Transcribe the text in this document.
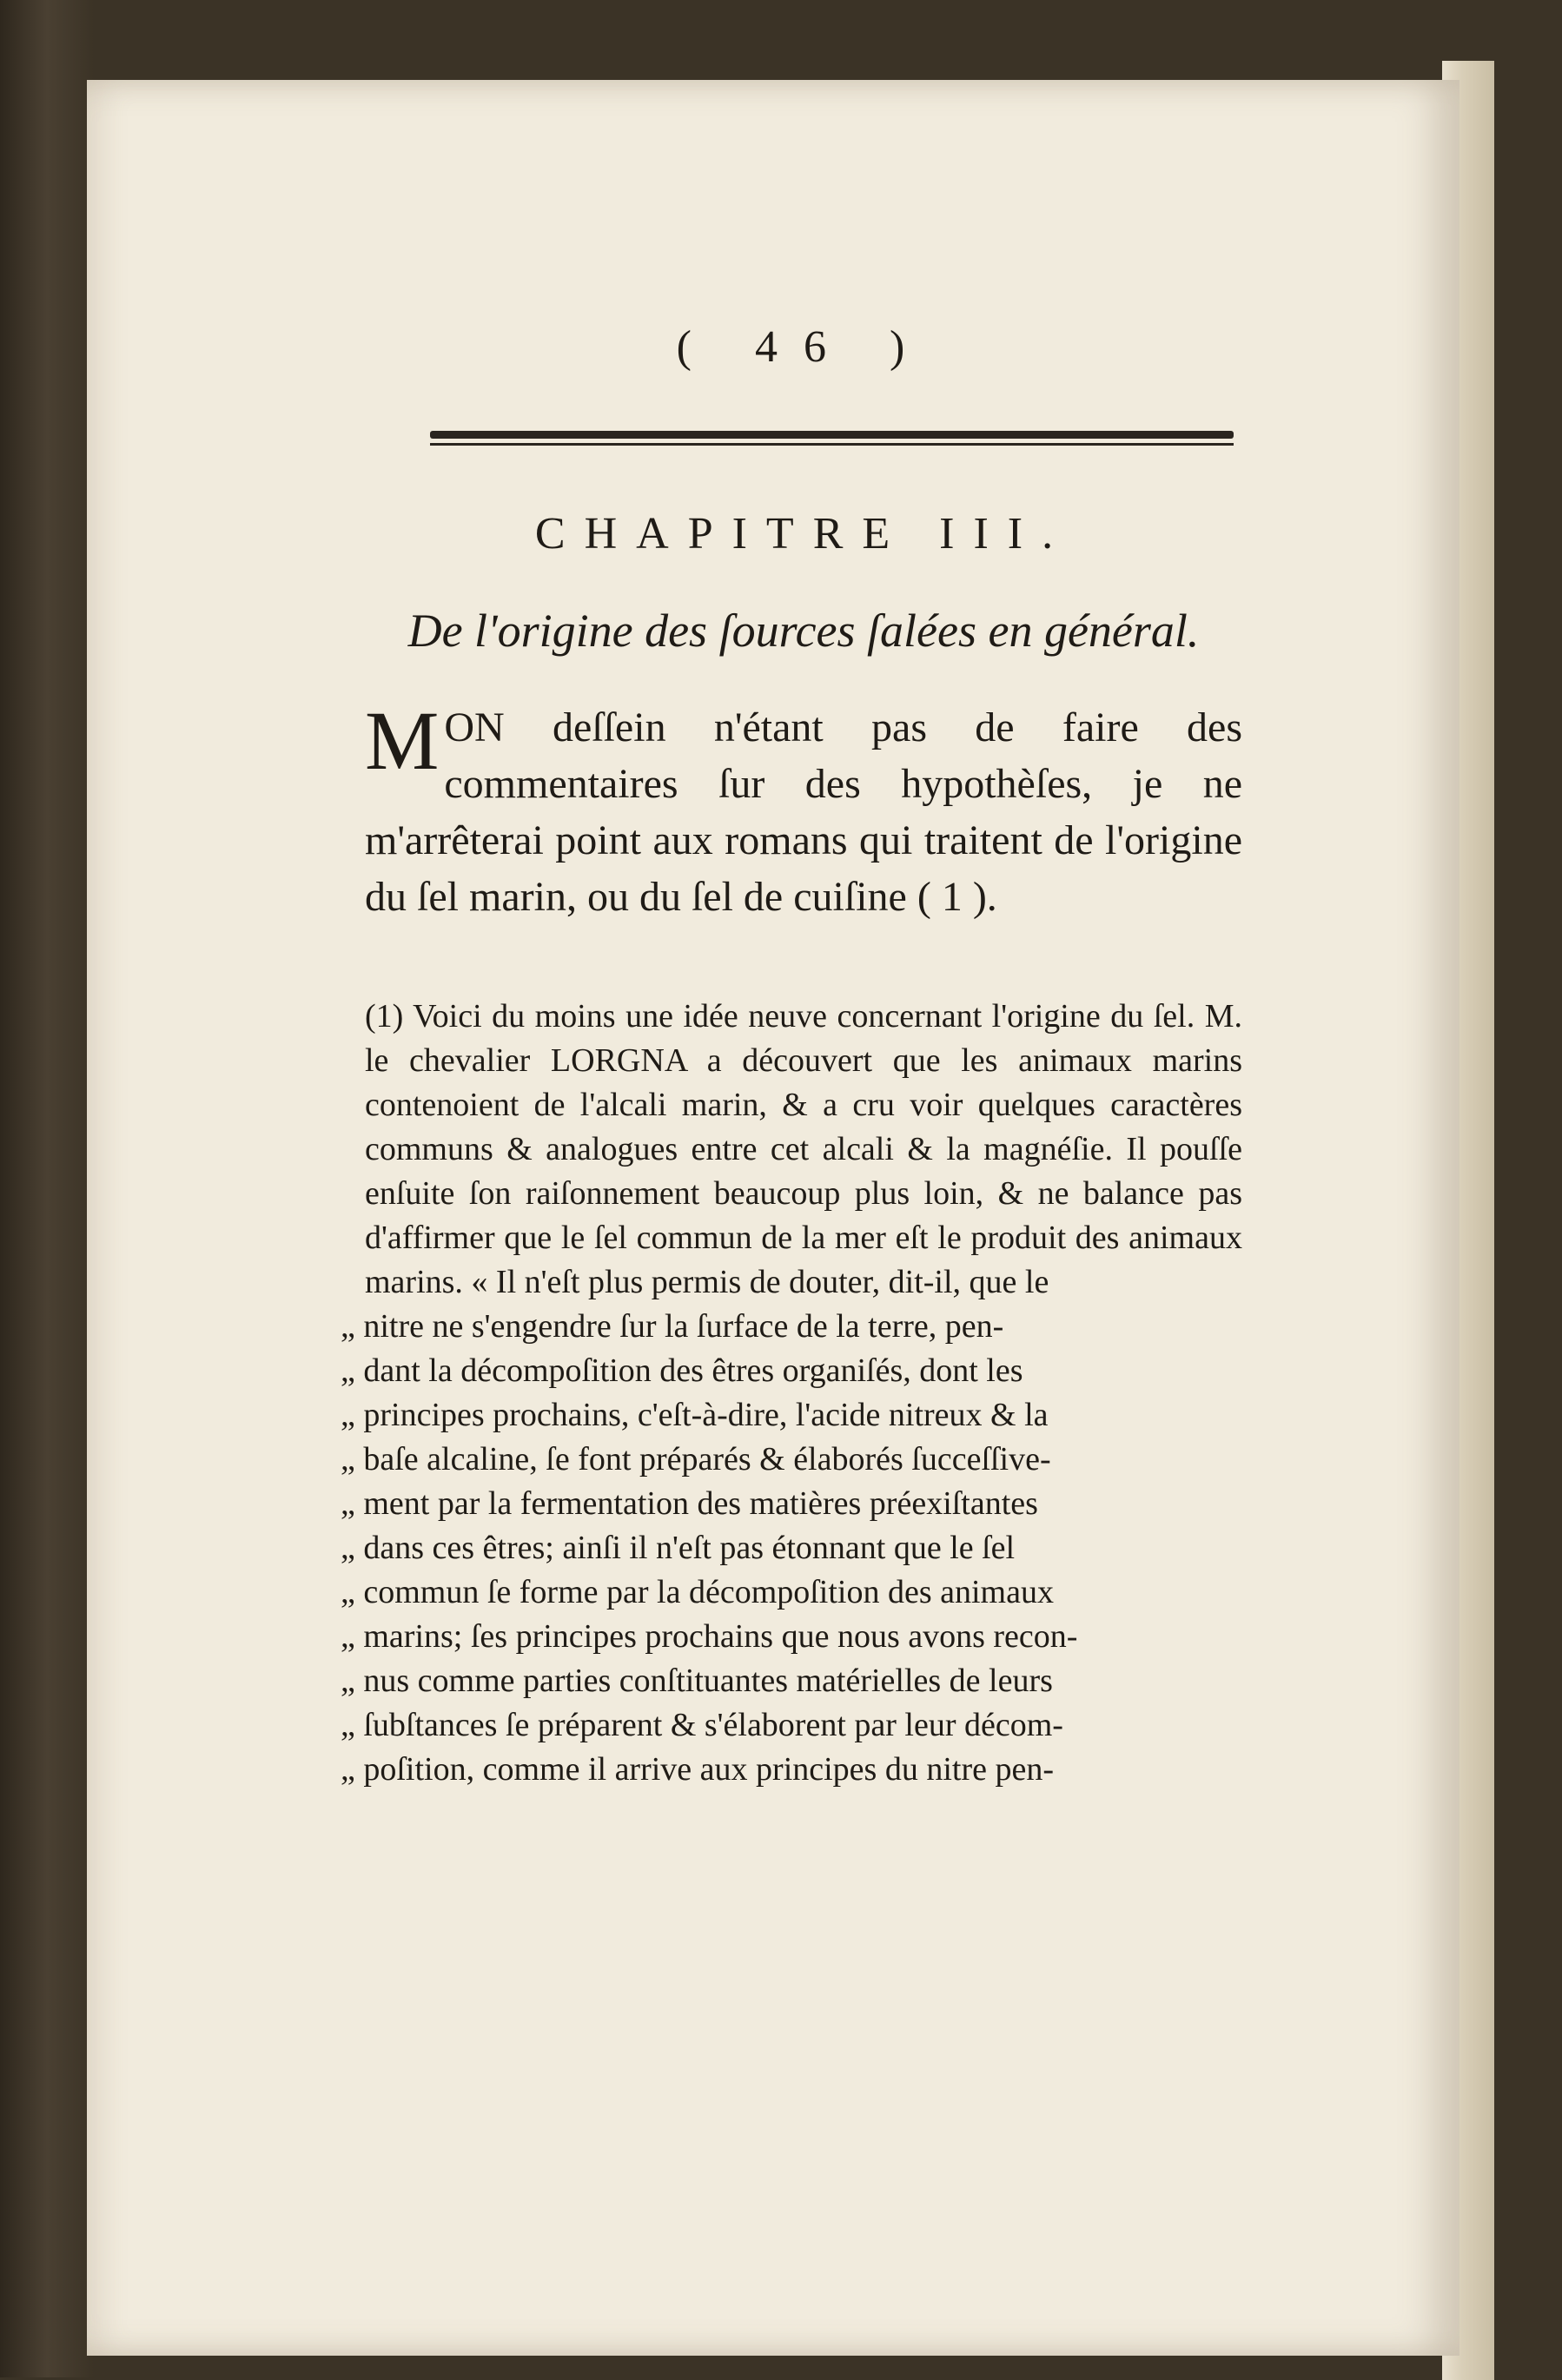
( 46 )
CHAPITRE III.
De l'origine des ſources ſalées en général.
M ON deſſein n'étant pas de faire des commentaires ſur des hypothèſes, je ne m'arrêterai point aux romans qui traitent de l'origine du ſel marin, ou du ſel de cuiſine ( 1 ).

(1) Voici du moins une idée neuve concernant l'origine du ſel. M. le chevalier LORGNA a découvert que les animaux marins contenoient de l'alcali marin, & a cru voir quelques caractères communs & analogues entre cet alcali & la magnéſie. Il pouſſe enſuite ſon raiſonnement beaucoup plus loin, & ne balance pas d'affirmer que le ſel commun de la mer eſt le produit des animaux marins. « Il n'eſt plus permis de douter, dit-il, que le

„ nitre ne s'engendre ſur la ſurface de la terre, pen-

„ dant la décompoſition des êtres organiſés, dont les

„ principes prochains, c'eſt-à-dire, l'acide nitreux & la

„ baſe alcaline, ſe font préparés & élaborés ſucceſſive-

„ ment par la fermentation des matières préexiſtantes

„ dans ces êtres; ainſi il n'eſt pas étonnant que le ſel

„ commun ſe forme par la décompoſition des animaux

„ marins; ſes principes prochains que nous avons recon-

„ nus comme parties conſtituantes matérielles de leurs

„ ſubſtances ſe préparent & s'élaborent par leur décom-

„ poſition, comme il arrive aux principes du nitre pen-
